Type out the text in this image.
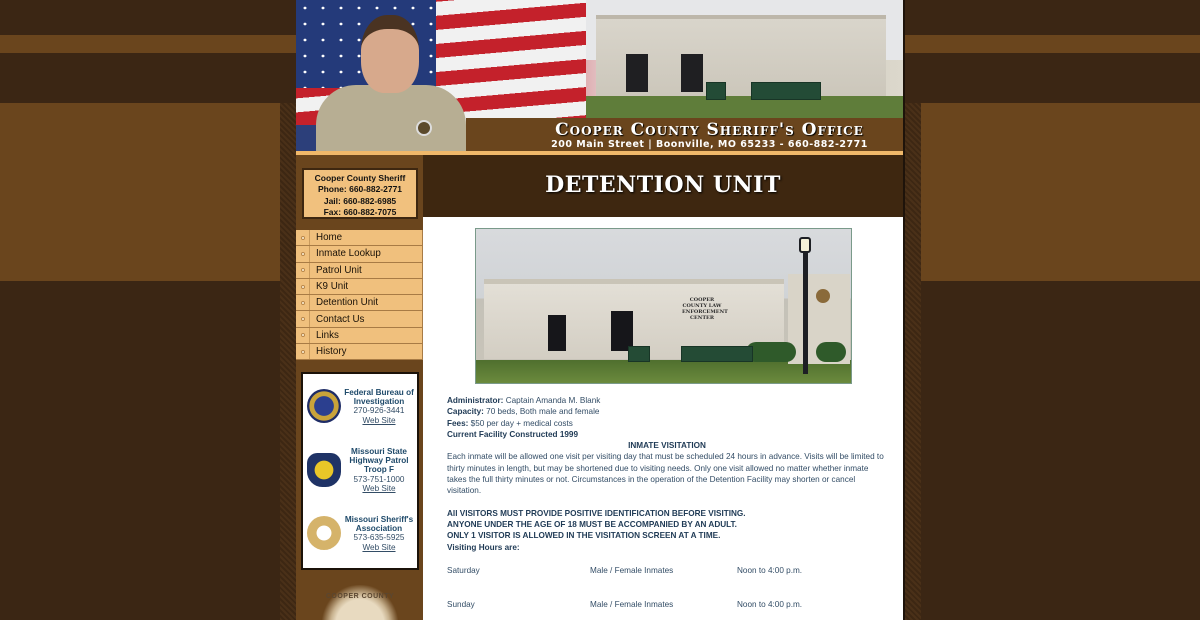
Cooper County Sheriff's Office
200 Main Street | Boonville, MO 65233 - 660-882-2771
Cooper County Sheriff
Phone: 660-882-2771
Jail: 660-882-6985
Fax: 660-882-7075
Home
Inmate Lookup
Patrol Unit
K9 Unit
Detention Unit
Contact Us
Links
History
Federal Bureau of Investigation
270-926-3441
Web Site
Missouri State Highway Patrol Troop F
573-751-1000
Web Site
Missouri Sheriff's Association
573-635-5925
Web Site
COOPER COUNTY
DETENTION UNIT
COOPER COUNTY LAW ENFORCEMENT CENTER

Administrator: Captain Amanda M. Blank

Capacity: 70 beds, Both male and female

Fees: $50 per day + medical costs

Current Facility Constructed 1999

INMATE VISITATION

Each inmate will be allowed one visit per visiting day that must be scheduled 24 hours in advance. Visits will be limited to thirty minutes in length, but may be shortened due to visiting needs. Only one visit allowed no matter whether inmate takes the full thirty minutes or not. Circumstances in the operation of the Detention Facility may shorten or cancel visitation.

All VISITORS MUST PROVIDE POSITIVE IDENTIFICATION BEFORE VISITING.

ANYONE UNDER THE AGE OF 18 MUST BE ACCOMPANIED BY AN ADULT.

ONLY 1 VISITOR IS ALLOWED IN THE VISITATION SCREEN AT A TIME.

Visiting Hours are:

Saturday	Male / Female Inmates	Noon to 4:00 p.m.
Sunday	Male / Female Inmates	Noon to 4:00 p.m.
